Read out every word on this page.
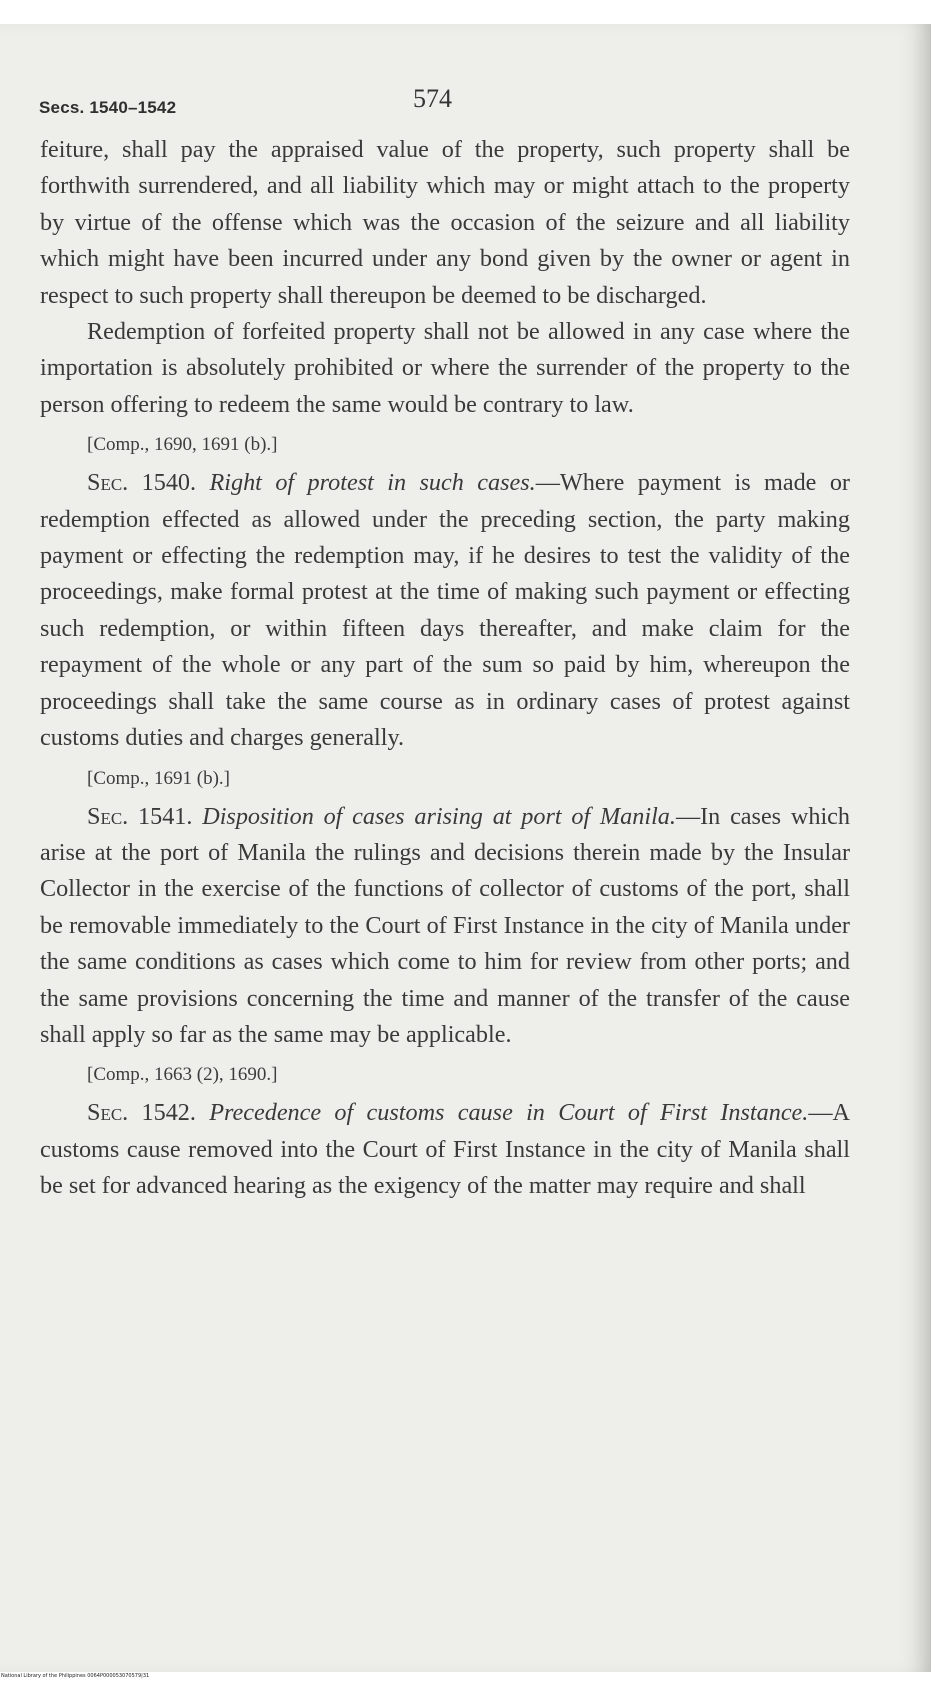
Secs. 1540–1542	574

feiture, shall pay the appraised value of the property, such property shall be forthwith surrendered, and all liability which may or might attach to the property by virtue of the offense which was the occasion of the seizure and all liability which might have been incurred under any bond given by the owner or agent in respect to such property shall thereupon be deemed to be discharged.

Redemption of forfeited property shall not be allowed in any case where the importation is absolutely prohibited or where the surrender of the property to the person offering to redeem the same would be contrary to law.

[Comp., 1690, 1691 (b).]

Sec. 1540. Right of protest in such cases.—Where payment is made or redemption effected as allowed under the preceding section, the party making payment or effecting the redemption may, if he desires to test the validity of the proceedings, make formal protest at the time of making such payment or effecting such redemption, or within fifteen days thereafter, and make claim for the repayment of the whole or any part of the sum so paid by him, whereupon the proceedings shall take the same course as in ordinary cases of protest against customs duties and charges generally.

[Comp., 1691 (b).]

Sec. 1541. Disposition of cases arising at port of Manila.—In cases which arise at the port of Manila the rulings and decisions therein made by the Insular Collector in the exercise of the functions of collector of customs of the port, shall be removable immediately to the Court of First Instance in the city of Manila under the same conditions as cases which come to him for review from other ports; and the same provisions concerning the time and manner of the transfer of the cause shall apply so far as the same may be applicable.

[Comp., 1663 (2), 1690.]

Sec. 1542. Precedence of customs cause in Court of First Instance.—A customs cause removed into the Court of First Instance in the city of Manila shall be set for advanced hearing as the exigency of the matter may require and shall

National Library of the Philippines 0064P000053070579|31
